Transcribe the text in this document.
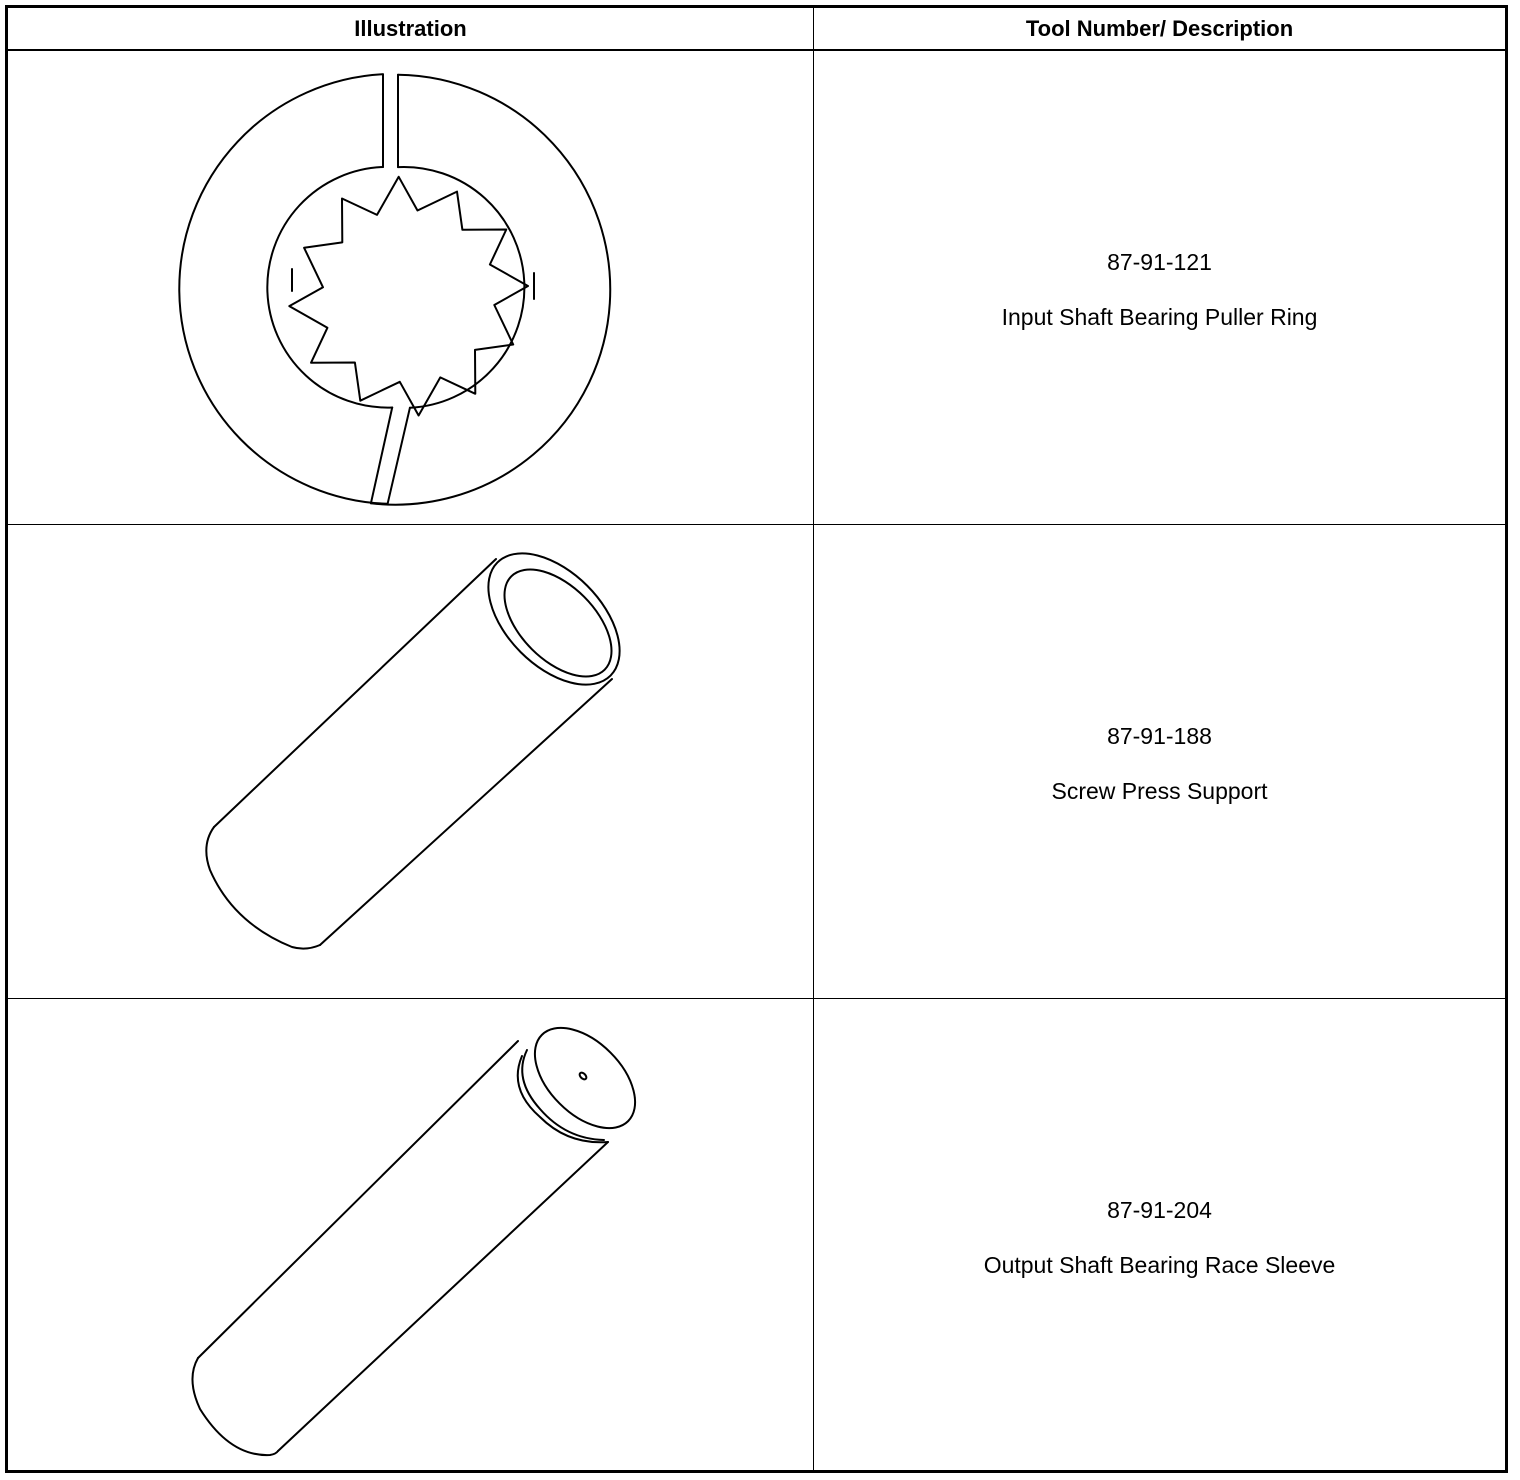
Illustration	Tool Number/ Description
87-91-121
Input Shaft Bearing Puller Ring
87-91-188
Screw Press Support
87-91-204
Output Shaft Bearing Race Sleeve
